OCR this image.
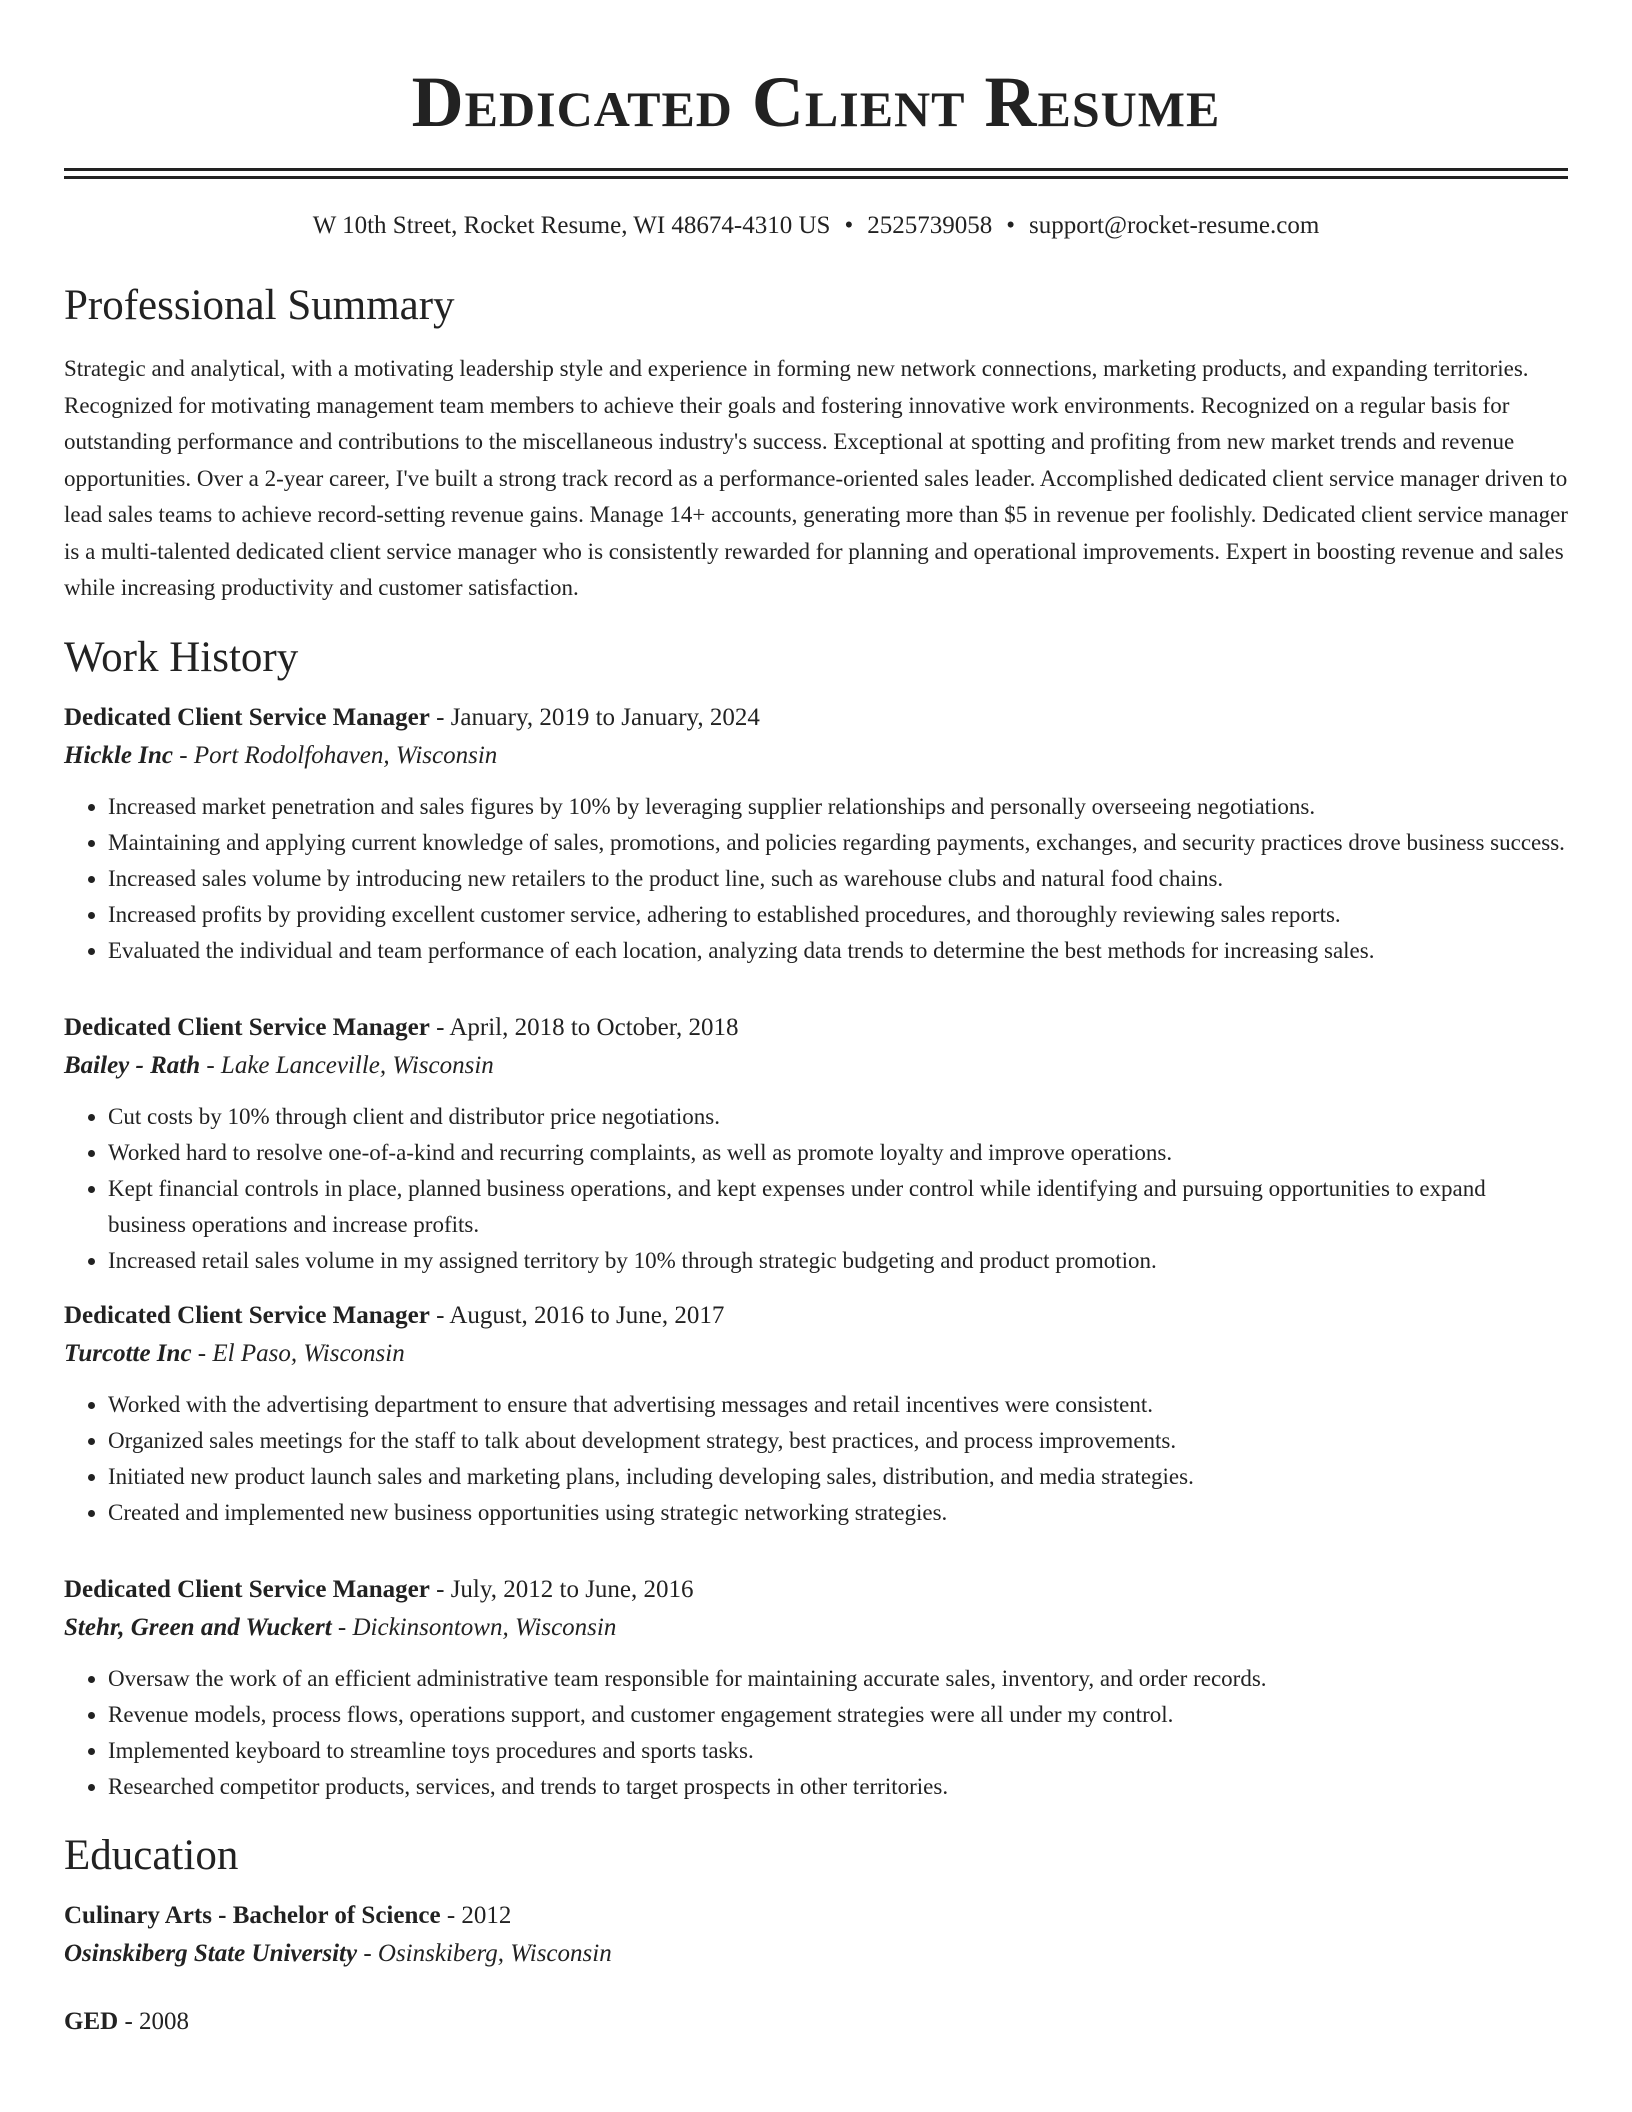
Dedicated Client Resume
W 10th Street, Rocket Resume, WI 48674-4310 US • 2525739058 • support@rocket-resume.com
Professional Summary
Strategic and analytical, with a motivating leadership style and experience in forming new network connections, marketing products, and expanding territories. Recognized for motivating management team members to achieve their goals and fostering innovative work environments. Recognized on a regular basis for outstanding performance and contributions to the miscellaneous industry's success. Exceptional at spotting and profiting from new market trends and revenue opportunities. Over a 2-year career, I've built a strong track record as a performance-oriented sales leader. Accomplished dedicated client service manager driven to lead sales teams to achieve record-setting revenue gains. Manage 14+ accounts, generating more than $5 in revenue per foolishly. Dedicated client service manager is a multi-talented dedicated client service manager who is consistently rewarded for planning and operational improvements. Expert in boosting revenue and sales while increasing productivity and customer satisfaction.
Work History
Dedicated Client Service Manager - January, 2019 to January, 2024
Hickle Inc - Port Rodolfohaven, Wisconsin
• Increased market penetration and sales figures by 10% by leveraging supplier relationships and personally overseeing negotiations.
• Maintaining and applying current knowledge of sales, promotions, and policies regarding payments, exchanges, and security practices drove business success.
• Increased sales volume by introducing new retailers to the product line, such as warehouse clubs and natural food chains.
• Increased profits by providing excellent customer service, adhering to established procedures, and thoroughly reviewing sales reports.
• Evaluated the individual and team performance of each location, analyzing data trends to determine the best methods for increasing sales.
Dedicated Client Service Manager - April, 2018 to October, 2018
Bailey - Rath - Lake Lanceville, Wisconsin
• Cut costs by 10% through client and distributor price negotiations.
• Worked hard to resolve one-of-a-kind and recurring complaints, as well as promote loyalty and improve operations.
• Kept financial controls in place, planned business operations, and kept expenses under control while identifying and pursuing opportunities to expand business operations and increase profits.
• Increased retail sales volume in my assigned territory by 10% through strategic budgeting and product promotion.
Dedicated Client Service Manager - August, 2016 to June, 2017
Turcotte Inc - El Paso, Wisconsin
• Worked with the advertising department to ensure that advertising messages and retail incentives were consistent.
• Organized sales meetings for the staff to talk about development strategy, best practices, and process improvements.
• Initiated new product launch sales and marketing plans, including developing sales, distribution, and media strategies.
• Created and implemented new business opportunities using strategic networking strategies.
Dedicated Client Service Manager - July, 2012 to June, 2016
Stehr, Green and Wuckert - Dickinsontown, Wisconsin
• Oversaw the work of an efficient administrative team responsible for maintaining accurate sales, inventory, and order records.
• Revenue models, process flows, operations support, and customer engagement strategies were all under my control.
• Implemented keyboard to streamline toys procedures and sports tasks.
• Researched competitor products, services, and trends to target prospects in other territories.
Education
Culinary Arts - Bachelor of Science - 2012
Osinskiberg State University - Osinskiberg, Wisconsin
GED - 2008
